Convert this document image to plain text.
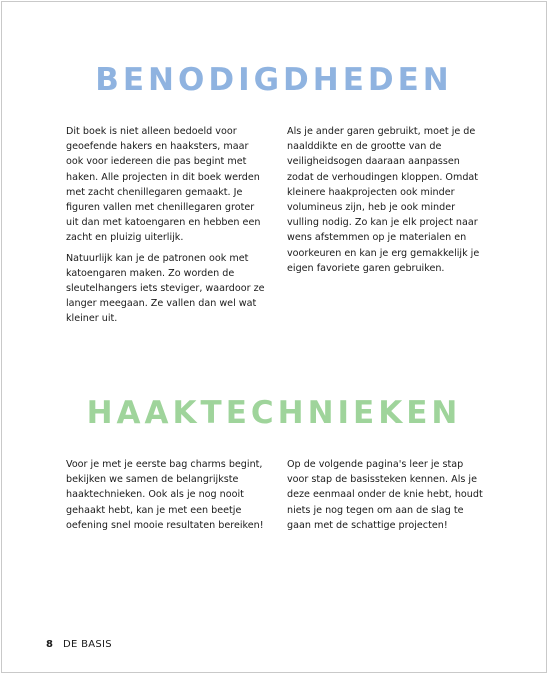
BENODIGDHEDEN

Dit boek is niet alleen bedoeld voor geoefende hakers en haaksters, maar ook voor iedereen die pas begint met haken. Alle projecten in dit boek werden met zacht chenillegaren gemaakt. Je figuren vallen met chenillegaren groter uit dan met katoengaren en hebben een zacht en pluizig uiterlijk.

Natuurlijk kan je de patronen ook met katoengaren maken. Zo worden de sleutelhangers iets steviger, waardoor ze langer meegaan. Ze vallen dan wel wat kleiner uit.

Als je ander garen gebruikt, moet je de naalddikte en de grootte van de veiligheidsogen daaraan aanpassen zodat de verhoudingen kloppen. Omdat kleinere haakprojecten ook minder volumineus zijn, heb je ook minder vulling nodig. Zo kan je elk project naar wens afstemmen op je materialen en voorkeuren en kan je erg gemakkelijk je eigen favoriete garen gebruiken.

HAAKTECHNIEKEN

Voor je met je eerste bag charms begint, bekijken we samen de belangrijkste haaktechnieken. Ook als je nog nooit gehaakt hebt, kan je met een beetje oefening snel mooie resultaten bereiken!

Op de volgende pagina's leer je stap voor stap de basissteken kennen. Als je deze eenmaal onder de knie hebt, houdt niets je nog tegen om aan de slag te gaan met de schattige projecten!

8 DE BASIS
